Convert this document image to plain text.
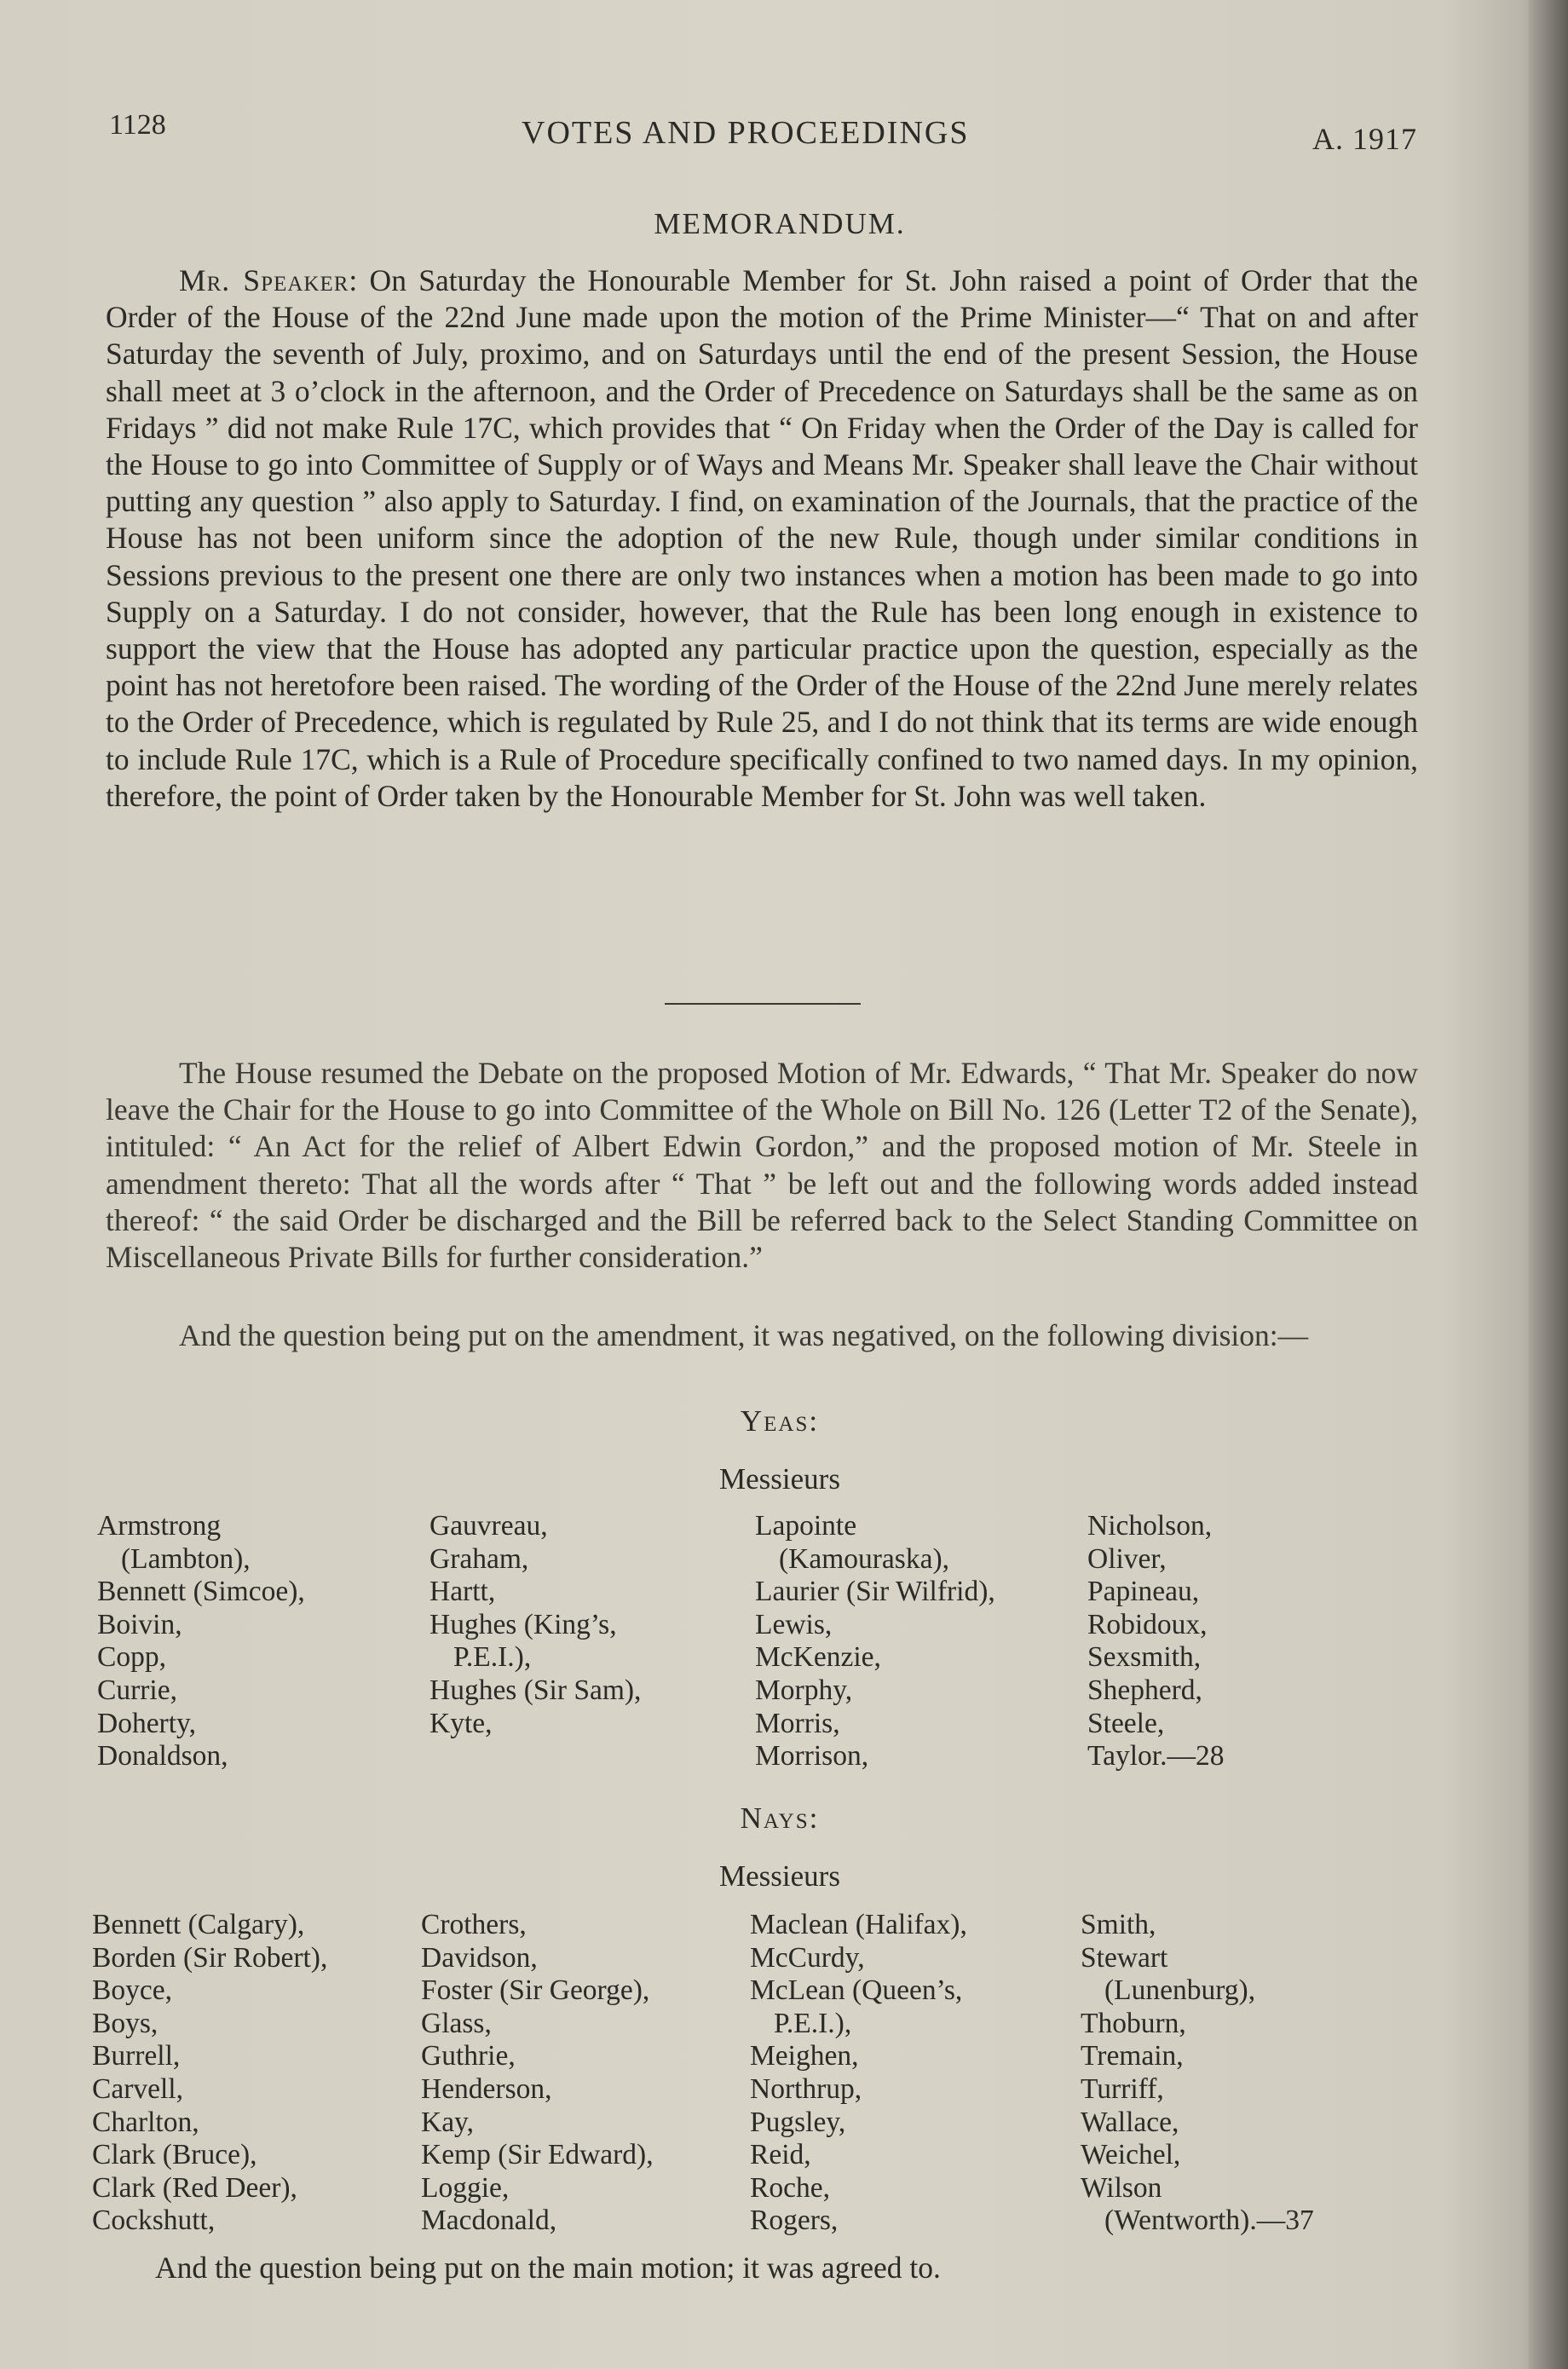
1128	VOTES AND PROCEEDINGS	A. 1917
MEMORANDUM.

Mr. Speaker: On Saturday the Honourable Member for St. John raised a point of Order that the Order of the House of the 22nd June made upon the motion of the Prime Minister—“ That on and after Saturday the seventh of July, proximo, and on Saturdays until the end of the present Session, the House shall meet at 3 o’clock in the afternoon, and the Order of Precedence on Saturdays shall be the same as on Fridays ” did not make Rule 17C, which provides that “ On Friday when the Order of the Day is called for the House to go into Committee of Supply or of Ways and Means Mr. Speaker shall leave the Chair without putting any question ” also apply to Saturday. I find, on examination of the Journals, that the practice of the House has not been uniform since the adoption of the new Rule, though under similar conditions in Sessions previous to the present one there are only two instances when a motion has been made to go into Supply on a Saturday. I do not consider, however, that the Rule has been long enough in existence to support the view that the House has adopted any particular practice upon the question, especially as the point has not heretofore been raised. The wording of the Order of the House of the 22nd June merely relates to the Order of Precedence, which is regulated by Rule 25, and I do not think that its terms are wide enough to include Rule 17C, which is a Rule of Procedure specifically confined to two named days. In my opinion, therefore, the point of Order taken by the Honourable Member for St. John was well taken.

The House resumed the Debate on the proposed Motion of Mr. Edwards, “ That Mr. Speaker do now leave the Chair for the House to go into Committee of the Whole on Bill No. 126 (Letter T2 of the Senate), intituled: “ An Act for the relief of Albert Edwin Gordon,” and the proposed motion of Mr. Steele in amendment thereto: That all the words after “ That ” be left out and the following words added instead thereof: “ the said Order be discharged and the Bill be referred back to the Select Standing Committee on Miscellaneous Private Bills for further consideration.”

And the question being put on the amendment, it was negatived, on the following division:—

Yeas:
Messieurs
Armstrong
(Lambton),
Bennett (Simcoe),
Boivin,
Copp,
Currie,
Doherty,
Donaldson,
Gauvreau,
Graham,
Hartt,
Hughes (King’s,
P.E.I.),
Hughes (Sir Sam),
Kyte,
Lapointe
(Kamouraska),
Laurier (Sir Wilfrid),
Lewis,
McKenzie,
Morphy,
Morris,
Morrison,
Nicholson,
Oliver,
Papineau,
Robidoux,
Sexsmith,
Shepherd,
Steele,
Taylor.—28
Nays:
Messieurs
Bennett (Calgary),
Borden (Sir Robert),
Boyce,
Boys,
Burrell,
Carvell,
Charlton,
Clark (Bruce),
Clark (Red Deer),
Cockshutt,
Crothers,
Davidson,
Foster (Sir George),
Glass,
Guthrie,
Henderson,
Kay,
Kemp (Sir Edward),
Loggie,
Macdonald,
Maclean (Halifax),
McCurdy,
McLean (Queen’s,
P.E.I.),
Meighen,
Northrup,
Pugsley,
Reid,
Roche,
Rogers,
Smith,
Stewart
(Lunenburg),
Thoburn,
Tremain,
Turriff,
Wallace,
Weichel,
Wilson
(Wentworth).—37
And the question being put on the main motion; it was agreed to.
